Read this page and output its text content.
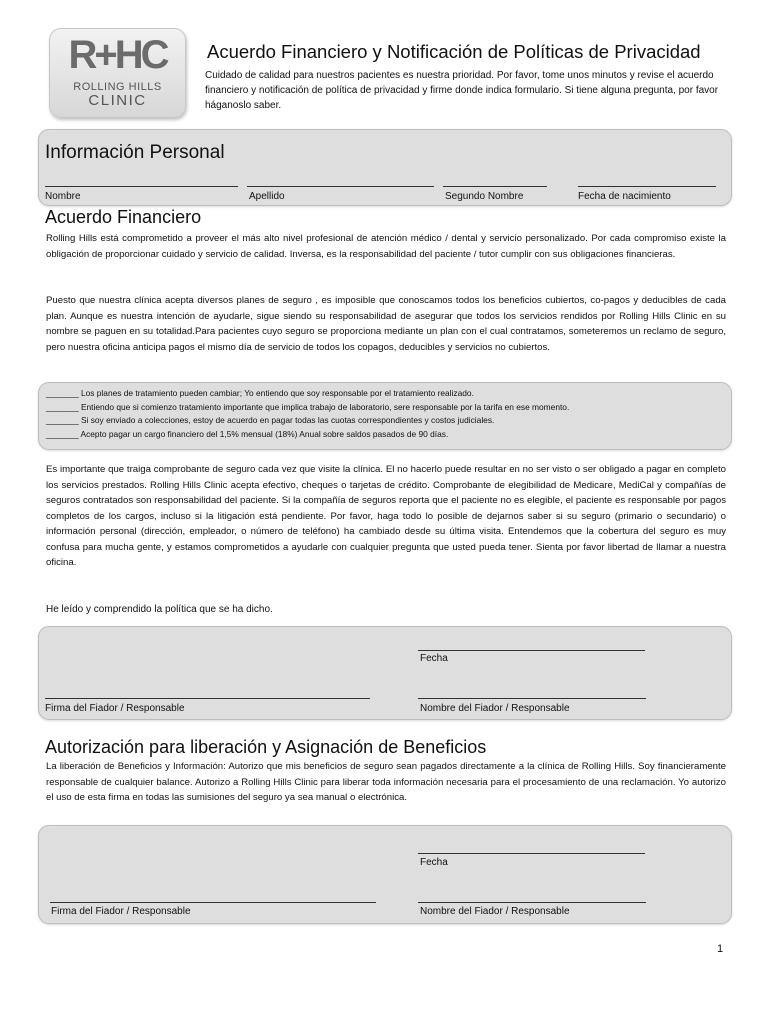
R+HC
ROLLING HILLS
CLINIC
Acuerdo Financiero y Notificación de Políticas de Privacidad
Cuidado de calidad para nuestros pacientes es nuestra prioridad. Por favor, tome unos minutos y revise el acuerdo financiero y notificación de política de privacidad y firme donde indica formulario. Si tiene alguna pregunta, por favor háganoslo saber.
Información Personal
Nombre	Apellido	Segundo Nombre	Fecha de nacimiento
Acuerdo Financiero
Rolling Hills está comprometido a proveer el más alto nivel profesional de atención médico / dental y servicio personalizado. Por cada compromiso existe la obligación de proporcionar cuidado y servicio de calidad. Inversa, es la responsabilidad del paciente / tutor cumplir con sus obligaciones financieras.
Puesto que nuestra clínica acepta diversos planes de seguro , es imposible que conoscamos todos los beneficios cubiertos, co-pagos y deducibles de cada plan. Aunque es nuestra intención de ayudarle, sigue siendo su responsabilidad de asegurar que todos los servicios rendidos por Rolling Hills Clinic en su nombre se paguen en su totalidad.Para pacientes cuyo seguro se proporciona mediante un plan con el cual contratamos, someteremos un reclamo de seguro, pero nuestra oficina anticipa pagos el mismo día de servicio de todos los copagos, deducibles y servicios no cubiertos.
_______ Los planes de tratamiento pueden cambiar; Yo entiendo que soy responsable por el tratamiento realizado.
_______ Entiendo que si comienzo tratamiento importante que implica trabajo de laboratorio, sere responsable por la tarifa en ese momento.
_______ Si soy enviado a colecciones, estoy de acuerdo en pagar todas las cuotas correspondientes y costos judiciales.
_______ Acepto pagar un cargo financiero del 1,5% mensual (18%) Anual sobre saldos pasados de 90 días.
Es importante que traiga comprobante de seguro cada vez que visite la clínica. El no hacerlo puede resultar en no ser visto o ser obligado a pagar en completo los servicios prestados. Rolling Hills Clinic acepta efectivo, cheques o tarjetas de crédito. Comprobante de elegibilidad de Medicare, MediCal y compañías de seguros contratados son responsabilidad del paciente. Si la compañía de seguros reporta que el paciente no es elegible, el paciente es responsable por pagos completos de los cargos, incluso si la litigación está pendiente. Por favor, haga todo lo posible de dejarnos saber si su seguro (primario o secundario) o información personal (dirección, empleador, o número de teléfono) ha cambiado desde su última visita. Entendemos que la cobertura del seguro es muy confusa para mucha gente, y estamos comprometidos a ayudarle con cualquier pregunta que usted pueda tener. Sienta por favor libertad de llamar a nuestra oficina.
He leído y comprendido la política que se ha dicho.
Fecha
Firma del Fiador / Responsable	Nombre del Fiador / Responsable
Autorización para liberación y Asignación de Beneficios
La liberación de Beneficios y Información: Autorizo que mis beneficios de seguro sean pagados directamente a la clínica de Rolling Hills. Soy financieramente responsable de cualquier balance. Autorizo a Rolling Hills Clinic para liberar toda información necesaria para el procesamiento de una reclamación. Yo autorizo el uso de esta firma en todas las sumisiones del seguro ya sea manual o electrónica.
Fecha
Firma del Fiador / Responsable	Nombre del Fiador / Responsable
1
